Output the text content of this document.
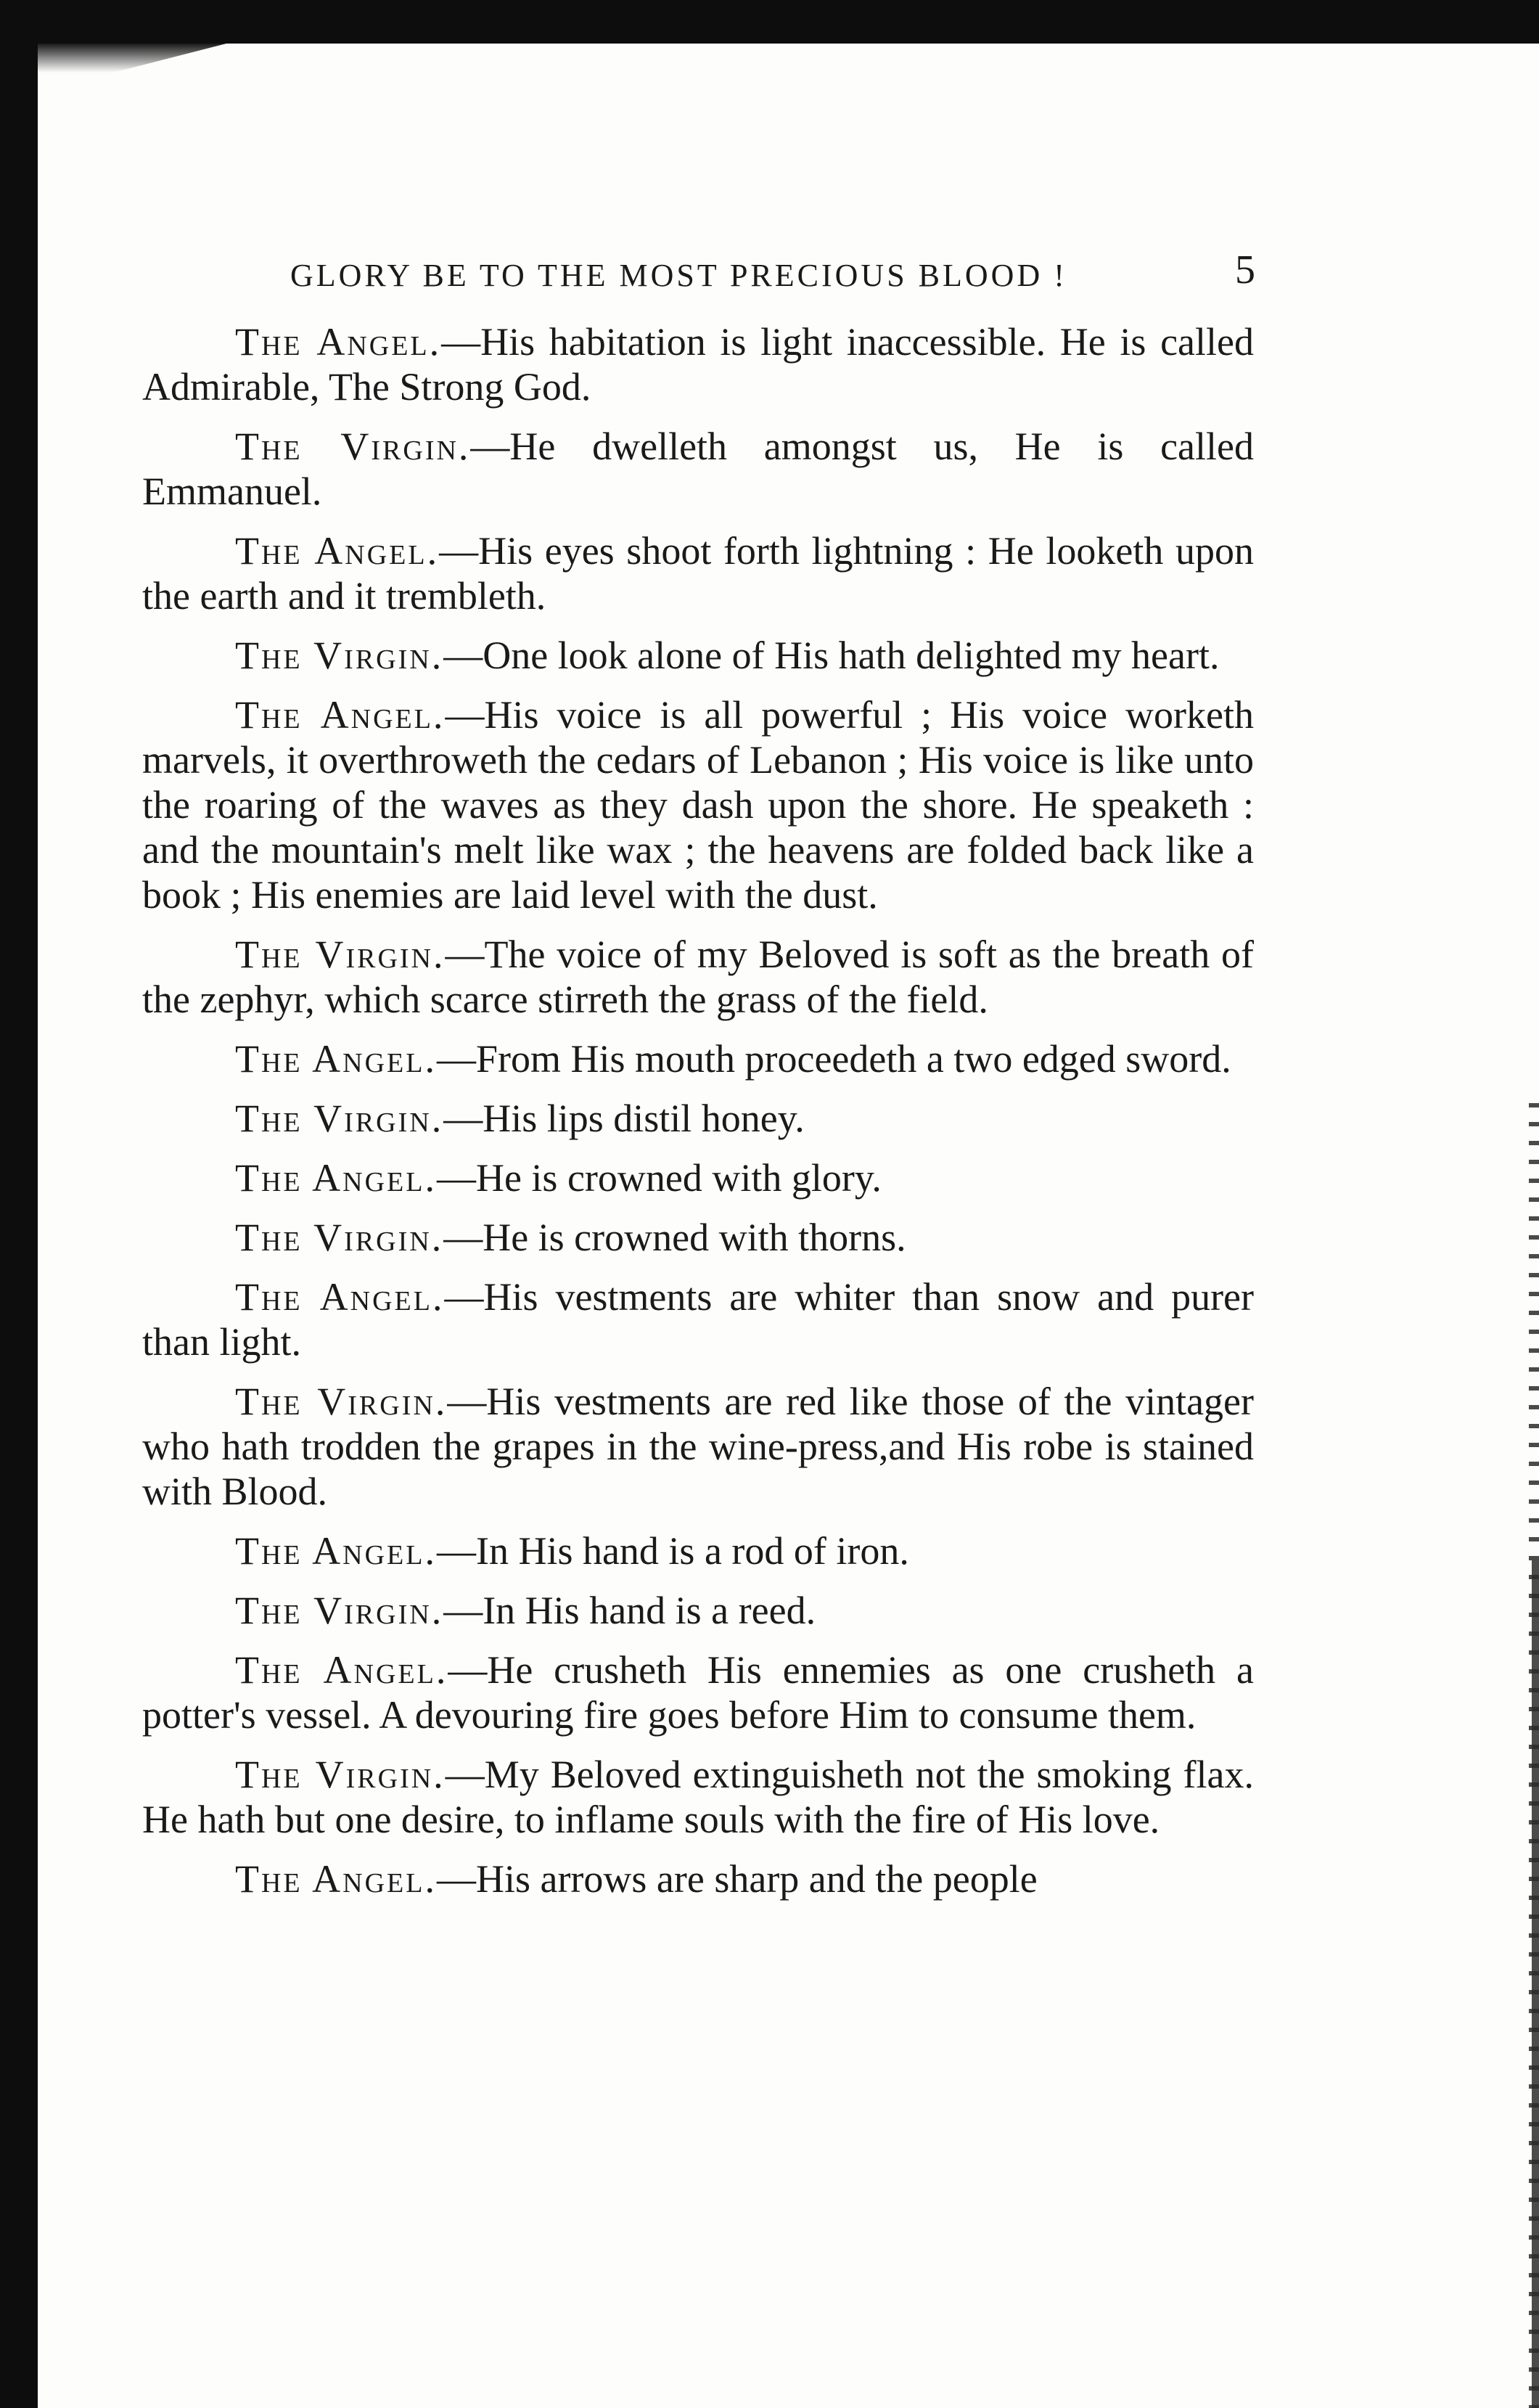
GLORY BE TO THE MOST PRECIOUS BLOOD !	5

The Angel.—His habitation is light inaccessible. He is called Admirable, The Strong God.

The Virgin.—He dwelleth amongst us, He is called Emmanuel.

The Angel.—His eyes shoot forth lightning : He looketh upon the earth and it trembleth.

The Virgin.—One look alone of His hath delighted my heart.

The Angel.—His voice is all powerful ; His voice worketh marvels, it overthroweth the cedars of Lebanon ; His voice is like unto the roaring of the waves as they dash upon the shore. He speaketh : and the mountain's melt like wax ; the heavens are folded back like a book ; His enemies are laid level with the dust.

The Virgin.—The voice of my Beloved is soft as the breath of the zephyr, which scarce stirreth the grass of the field.

The Angel.—From His mouth proceedeth a two edged sword.

The Virgin.—His lips distil honey.

The Angel.—He is crowned with glory.

The Virgin.—He is crowned with thorns.

The Angel.—His vestments are whiter than snow and purer than light.

The Virgin.—His vestments are red like those of the vintager who hath trodden the grapes in the wine-press,and His robe is stained with Blood.

The Angel.—In His hand is a rod of iron.

The Virgin.—In His hand is a reed.

The Angel.—He crusheth His ennemies as one crusheth a potter's vessel. A devouring fire goes before Him to consume them.

The Virgin.—My Beloved extinguisheth not the smoking flax. He hath but one desire, to inflame souls with the fire of His love.

The Angel.—His arrows are sharp and the people
